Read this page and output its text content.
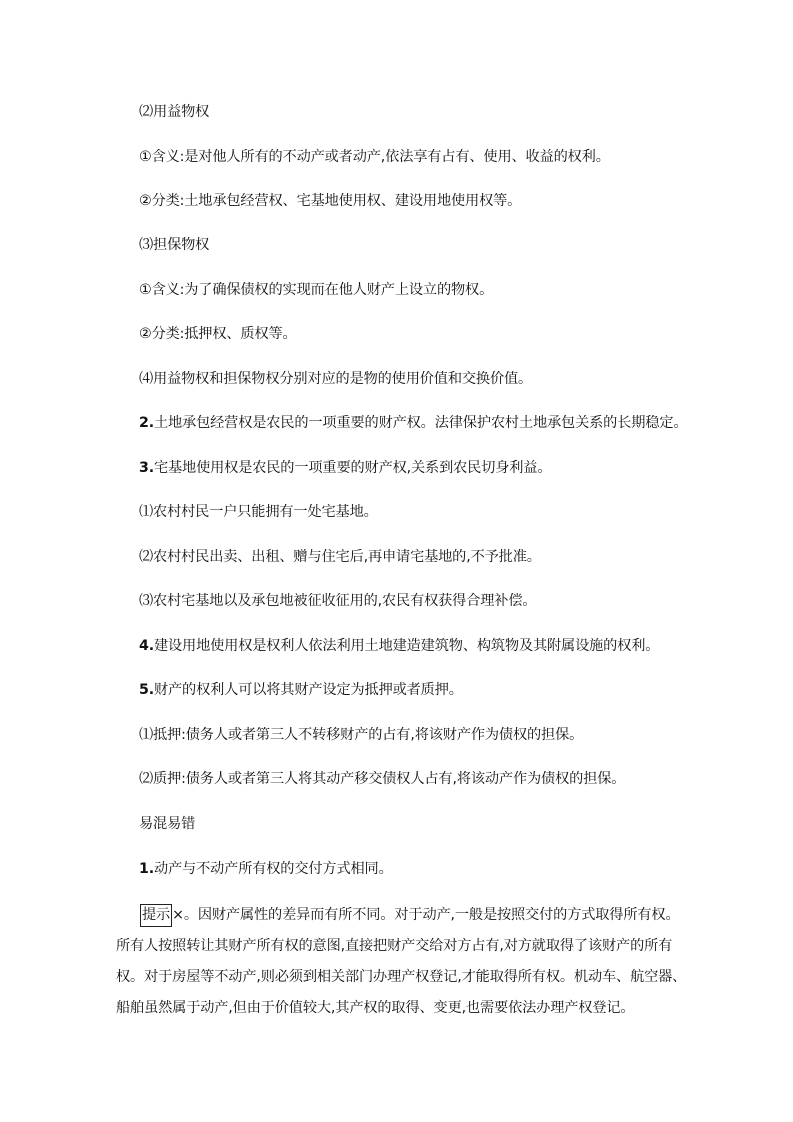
⑵用益物权
①含义:是对他人所有的不动产或者动产,依法享有占有、使用、收益的权利。
②分类:土地承包经营权、宅基地使用权、建设用地使用权等。
⑶担保物权
①含义:为了确保债权的实现而在他人财产上设立的物权。
②分类:抵押权、质权等。
⑷用益物权和担保物权分别对应的是物的使用价值和交换价值。
2.土地承包经营权是农民的一项重要的财产权。法律保护农村土地承包关系的长期稳定。
3.宅基地使用权是农民的一项重要的财产权,关系到农民切身利益。
⑴农村村民一户只能拥有一处宅基地。
⑵农村村民出卖、出租、赠与住宅后,再申请宅基地的,不予批准。
⑶农村宅基地以及承包地被征收征用的,农民有权获得合理补偿。
4.建设用地使用权是权利人依法利用土地建造建筑物、构筑物及其附属设施的权利。
5.财产的权利人可以将其财产设定为抵押或者质押。
⑴抵押:债务人或者第三人不转移财产的占有,将该财产作为债权的担保。
⑵质押:债务人或者第三人将其动产移交债权人占有,将该动产作为债权的担保。
易混易错
1.动产与不动产所有权的交付方式相同。
提示 ×。因财产属性的差异而有所不同。对于动产,一般是按照交付的方式取得所有权。
所有人按照转让其财产所有权的意图,直接把财产交给对方占有,对方就取得了该财产的所有
权。对于房屋等不动产,则必须到相关部门办理产权登记,才能取得所有权。机动车、航空器、
船舶虽然属于动产,但由于价值较大,其产权的取得、变更,也需要依法办理产权登记。
